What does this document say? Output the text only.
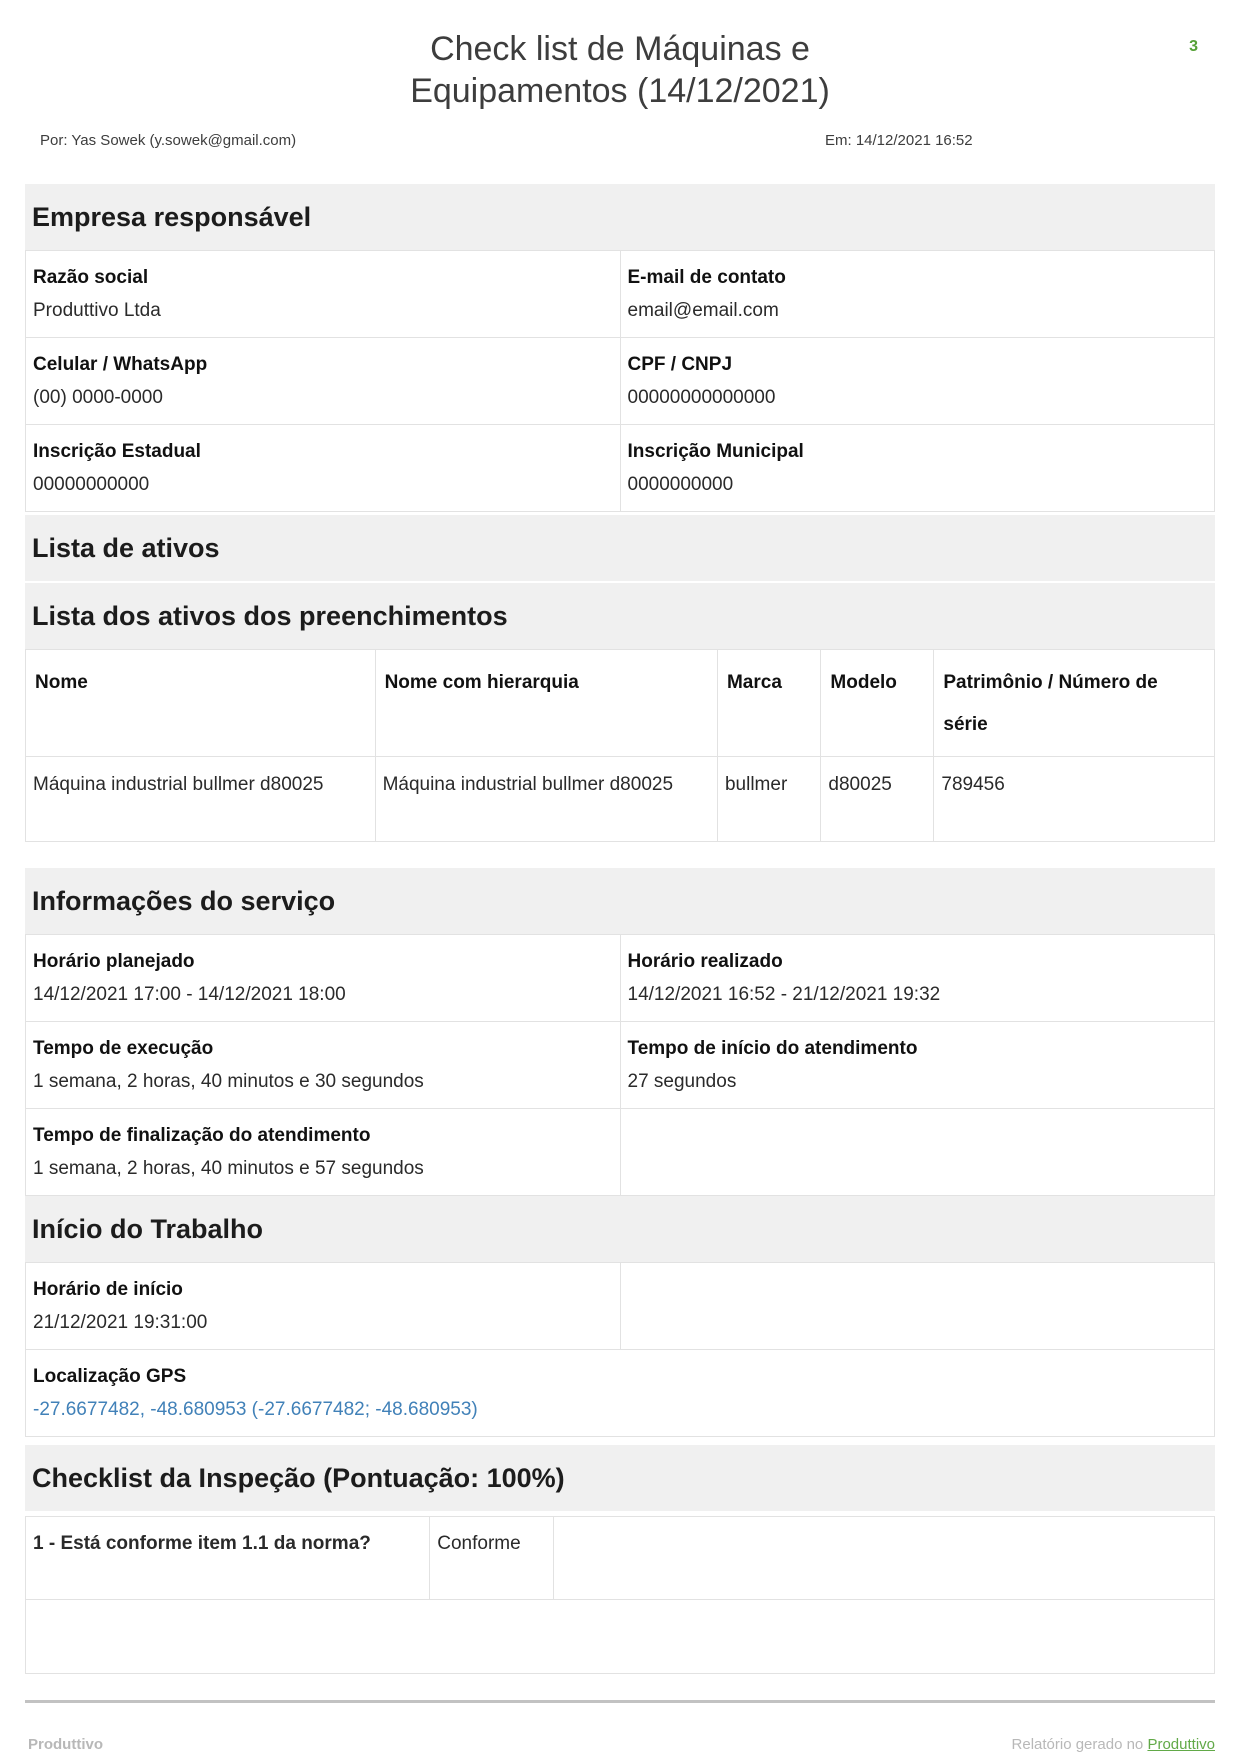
3
Check list de Máquinas e
Equipamentos (14/12/2021)
Por: Yas Sowek (y.sowek@gmail.com)	Em: 14/12/2021 16:52
Empresa responsável
Razão social
Produttivo Ltda

E-mail de contato
email@email.com

Celular / WhatsApp
(00) 0000-0000

CPF / CNPJ
00000000000000

Inscrição Estadual
00000000000

Inscrição Municipal
0000000000
Lista de ativos
Lista dos ativos dos preenchimentos
Nome	Nome com hierarquia	Marca	Modelo	Patrimônio / Número de série
Máquina industrial bullmer d80025	Máquina industrial bullmer d80025	bullmer	d80025	789456
Informações do serviço
Horário planejado
14/12/2021 17:00 - 14/12/2021 18:00

Horário realizado
14/12/2021 16:52 - 21/12/2021 19:32

Tempo de execução
1 semana, 2 horas, 40 minutos e 30 segundos

Tempo de início do atendimento
27 segundos

Tempo de finalização do atendimento
1 semana, 2 horas, 40 minutos e 57 segundos	

Início do Trabalho
Horário de início
21/12/2021 19:31:00

Localização GPS
-27.6677482, -48.680953 (-27.6677482; -48.680953)
Checklist da Inspeção (Pontuação: 100%)
1 - Está conforme item 1.1 da norma?	Conforme	

Produttivo	Relatório gerado no Produttivo
